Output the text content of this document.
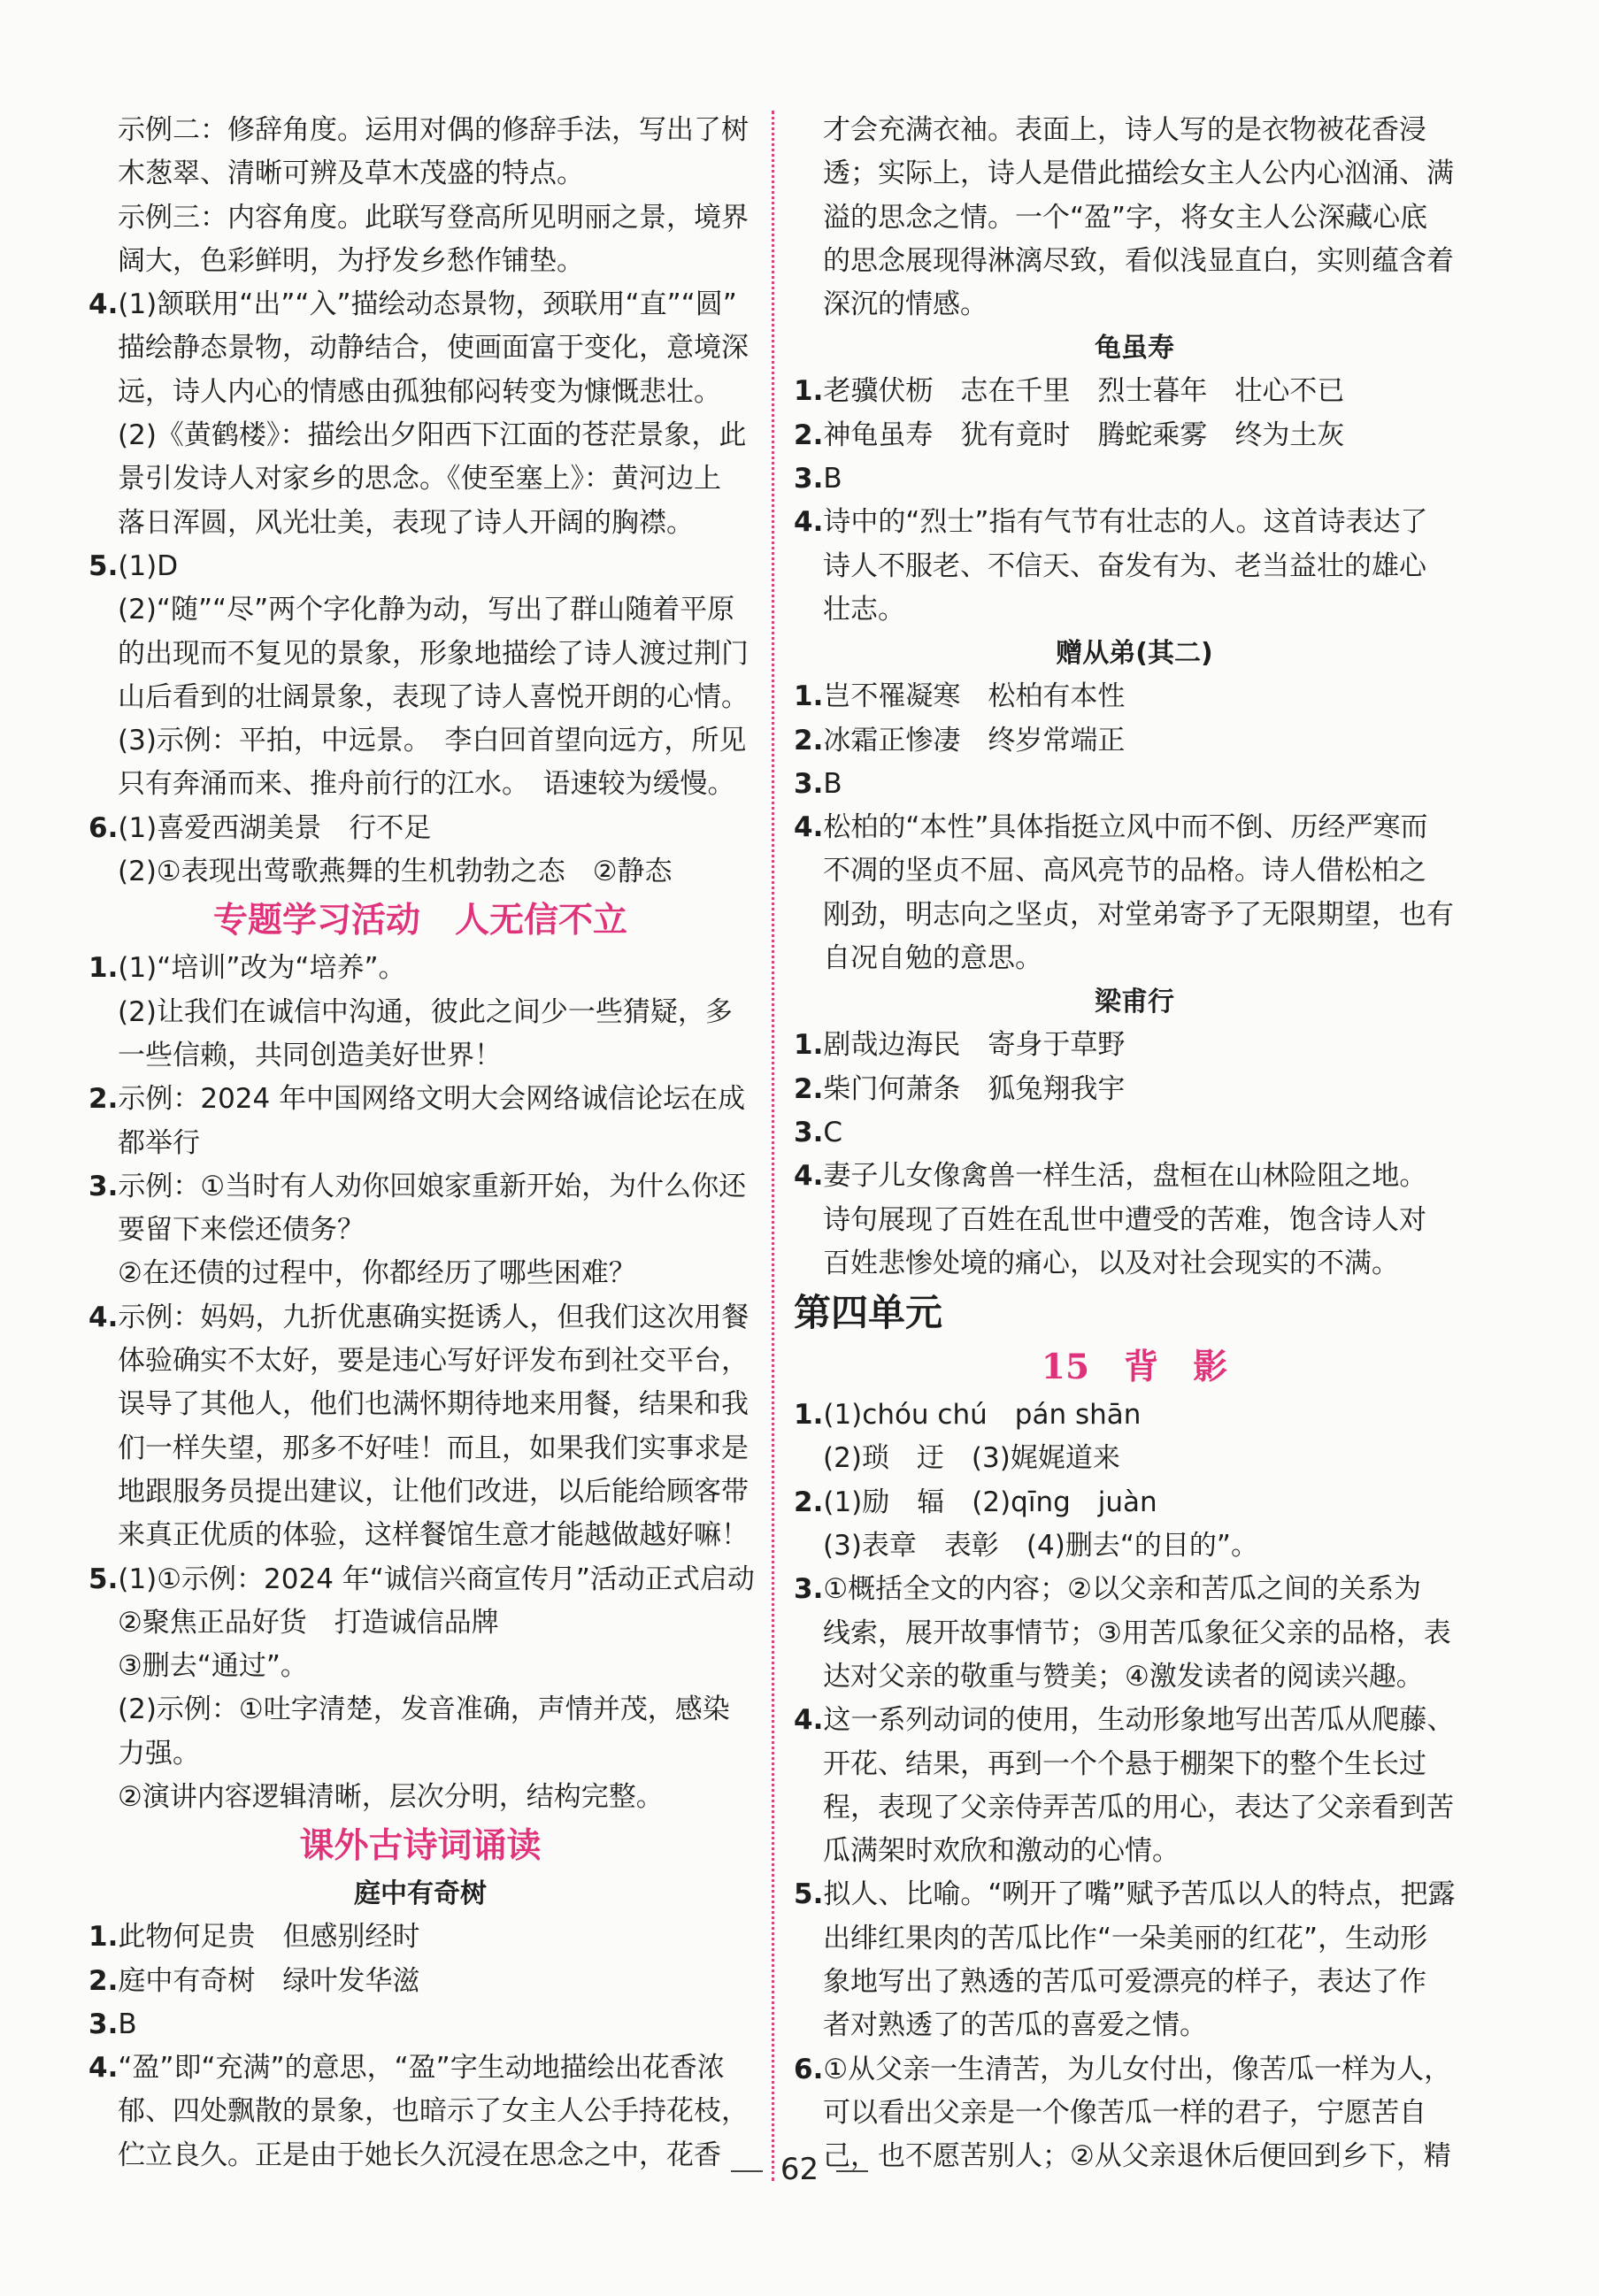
示例二：修辞角度。运用对偶的修辞手法，写出了树
木葱翠、清晰可辨及草木茂盛的特点。
示例三：内容角度。此联写登高所见明丽之景，境界
阔大，色彩鲜明，为抒发乡愁作铺垫。
4.(1)颔联用“出”“入”描绘动态景物，颈联用“直”“圆”
描绘静态景物，动静结合，使画面富于变化，意境深
远，诗人内心的情感由孤独郁闷转变为慷慨悲壮。
(2)《黄鹤楼》：描绘出夕阳西下江面的苍茫景象，此
景引发诗人对家乡的思念。《使至塞上》：黄河边上
落日浑圆，风光壮美，表现了诗人开阔的胸襟。
5.(1)D
(2)“随”“尽”两个字化静为动，写出了群山随着平原
的出现而不复见的景象，形象地描绘了诗人渡过荆门
山后看到的壮阔景象，表现了诗人喜悦开朗的心情。
(3)示例：平拍，中远景。　李白回首望向远方，所见
只有奔涌而来、推舟前行的江水。　语速较为缓慢。
6.(1)喜爱西湖美景　行不足
(2)①表现出莺歌燕舞的生机勃勃之态　②静态
专题学习活动　人无信不立
1.(1)“培训”改为“培养”。
(2)让我们在诚信中沟通，彼此之间少一些猜疑，多
一些信赖，共同创造美好世界！
2.示例：2024 年中国网络文明大会网络诚信论坛在成
都举行
3.示例：①当时有人劝你回娘家重新开始，为什么你还
要留下来偿还债务？
②在还债的过程中，你都经历了哪些困难？
4.示例：妈妈，九折优惠确实挺诱人，但我们这次用餐
体验确实不太好，要是违心写好评发布到社交平台，
误导了其他人，他们也满怀期待地来用餐，结果和我
们一样失望，那多不好哇！而且，如果我们实事求是
地跟服务员提出建议，让他们改进，以后能给顾客带
来真正优质的体验，这样餐馆生意才能越做越好嘛！
5.(1)①示例：2024 年“诚信兴商宣传月”活动正式启动
②聚焦正品好货　打造诚信品牌
③删去“通过”。
(2)示例：①吐字清楚，发音准确，声情并茂，感染
力强。
②演讲内容逻辑清晰，层次分明，结构完整。
课外古诗词诵读
庭中有奇树
1.此物何足贵　但感别经时
2.庭中有奇树　绿叶发华滋
3.B
4.“盈”即“充满”的意思，“盈”字生动地描绘出花香浓
郁、四处飘散的景象，也暗示了女主人公手持花枝，
伫立良久。正是由于她长久沉浸在思念之中，花香
才会充满衣袖。表面上，诗人写的是衣物被花香浸
透；实际上，诗人是借此描绘女主人公内心汹涌、满
溢的思念之情。一个“盈”字，将女主人公深藏心底
的思念展现得淋漓尽致，看似浅显直白，实则蕴含着
深沉的情感。
龟虽寿
1.老骥伏枥　志在千里　烈士暮年　壮心不已
2.神龟虽寿　犹有竟时　腾蛇乘雾　终为土灰
3.B
4.诗中的“烈士”指有气节有壮志的人。这首诗表达了
诗人不服老、不信天、奋发有为、老当益壮的雄心
壮志。
赠从弟(其二)
1.岂不罹凝寒　松柏有本性
2.冰霜正惨凄　终岁常端正
3.B
4.松柏的“本性”具体指挺立风中而不倒、历经严寒而
不凋的坚贞不屈、高风亮节的品格。诗人借松柏之
刚劲，明志向之坚贞，对堂弟寄予了无限期望，也有
自况自勉的意思。
梁甫行
1.剧哉边海民　寄身于草野
2.柴门何萧条　狐兔翔我宇
3.C
4.妻子儿女像禽兽一样生活，盘桓在山林险阻之地。
诗句展现了百姓在乱世中遭受的苦难，饱含诗人对
百姓悲惨处境的痛心，以及对社会现实的不满。
第四单元
15　背　影
1.(1)chóu chú　pán shān
(2)琐　迂　(3)娓娓道来
2.(1)励　辐　(2)qīng　juàn
(3)表章　表彰　(4)删去“的目的”。
3.①概括全文的内容；②以父亲和苦瓜之间的关系为
线索，展开故事情节；③用苦瓜象征父亲的品格，表
达对父亲的敬重与赞美；④激发读者的阅读兴趣。
4.这一系列动词的使用，生动形象地写出苦瓜从爬藤、
开花、结果，再到一个个悬于棚架下的整个生长过
程，表现了父亲侍弄苦瓜的用心，表达了父亲看到苦
瓜满架时欢欣和激动的心情。
5.拟人、比喻。“咧开了嘴”赋予苦瓜以人的特点，把露
出绯红果肉的苦瓜比作“一朵美丽的红花”，生动形
象地写出了熟透的苦瓜可爱漂亮的样子，表达了作
者对熟透了的苦瓜的喜爱之情。
6.①从父亲一生清苦，为儿女付出，像苦瓜一样为人，
可以看出父亲是一个像苦瓜一样的君子，宁愿苦自
己，也不愿苦别人；②从父亲退休后便回到乡下，精
62
